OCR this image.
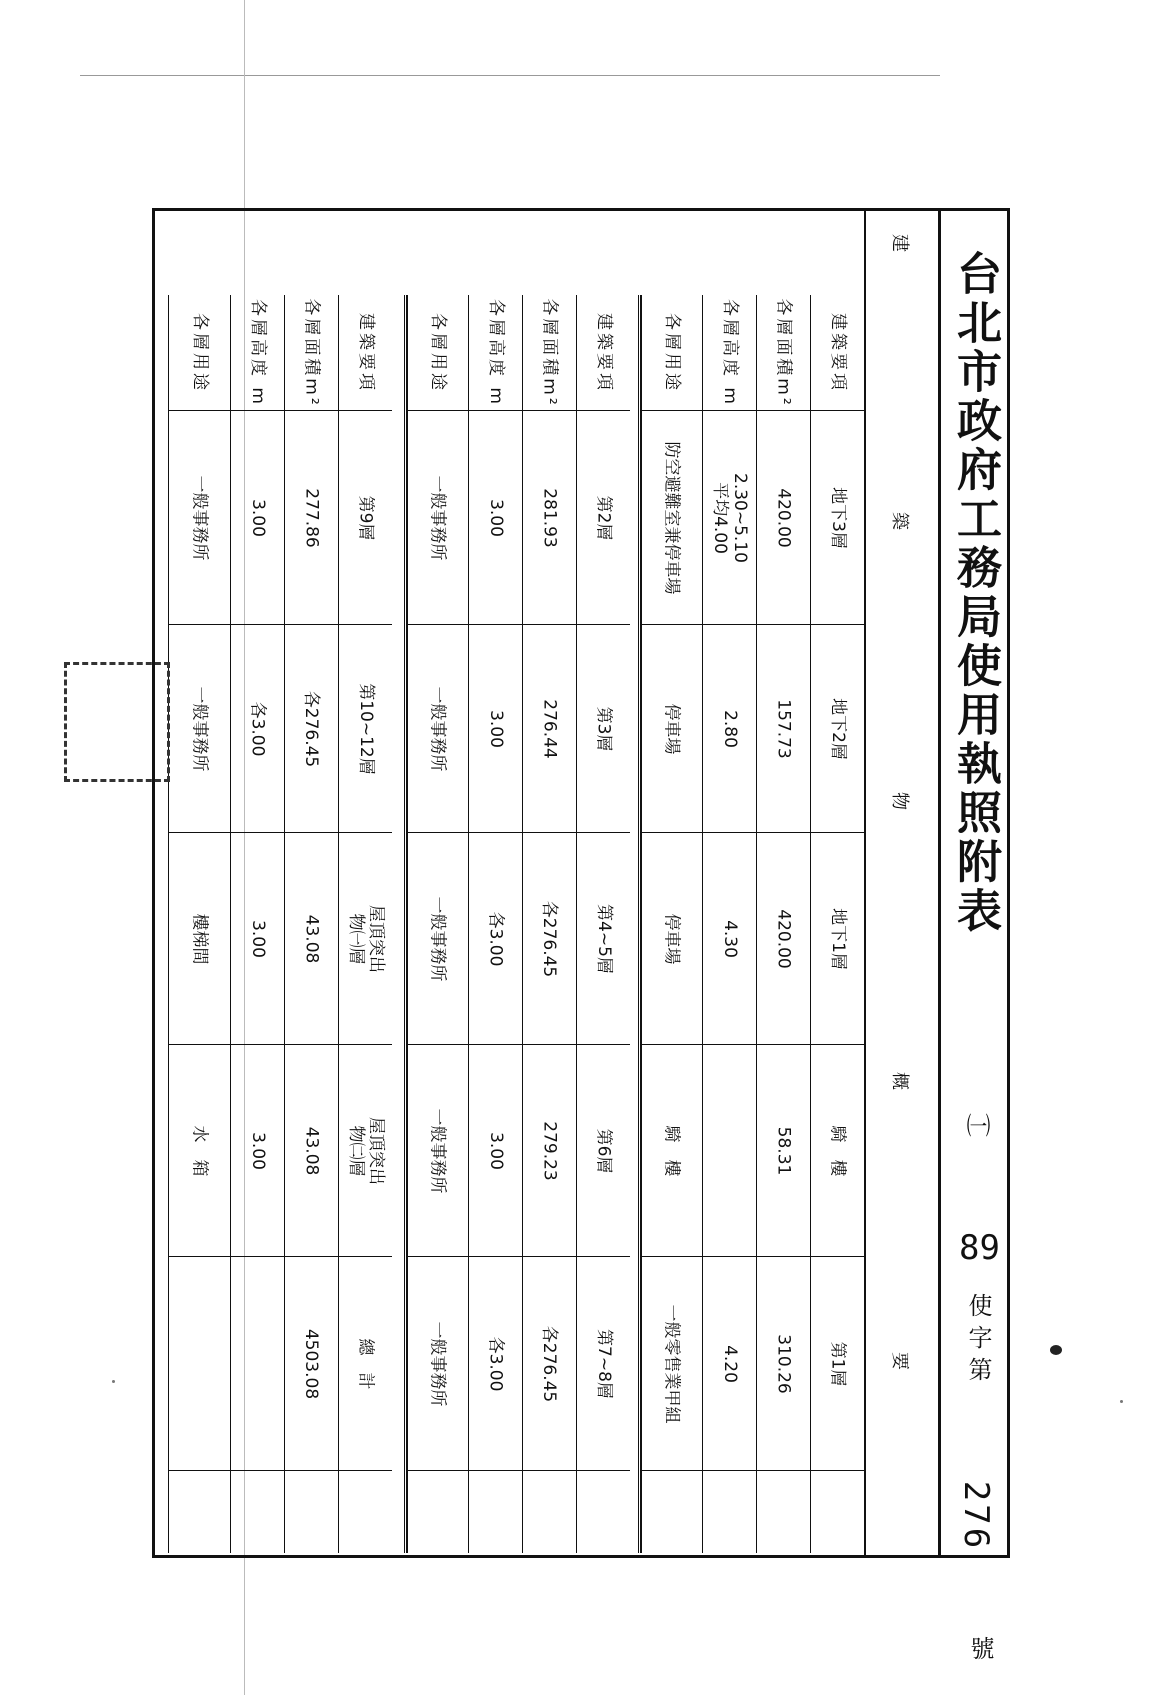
台北市政府工務局使用執照附表
㈠
89
使字第
276
號
建
築
物
概
要
建築要項
地下3層
地下2層
地下1層
騎　樓
第1層
各層面積m²
420.00
157.73
420.00
58.31
310.26
各層高度 m
2.30~5.10
平均4.00
2.80
4.30
4.20
各層用途
防空避難室兼停車場
停車場
停車場
騎　樓
一般零售業甲組
建築要項
第2層
第3層
第4~5層
第6層
第7~8層
各層面積m²
281.93
276.44
各276.45
279.23
各276.45
各層高度 m
3.00
3.00
各3.00
3.00
各3.00
各層用途
一般事務所
一般事務所
一般事務所
一般事務所
一般事務所
建築要項
第9層
第10~12層
屋頂突出
物㈠層
屋頂突出
物㈡層
總　計
各層面積m²
277.86
各276.45
43.08
43.08
4503.08
各層高度 m
3.00
各3.00
3.00
3.00
各層用途
一般事務所
一般事務所
樓梯間
水　箱
